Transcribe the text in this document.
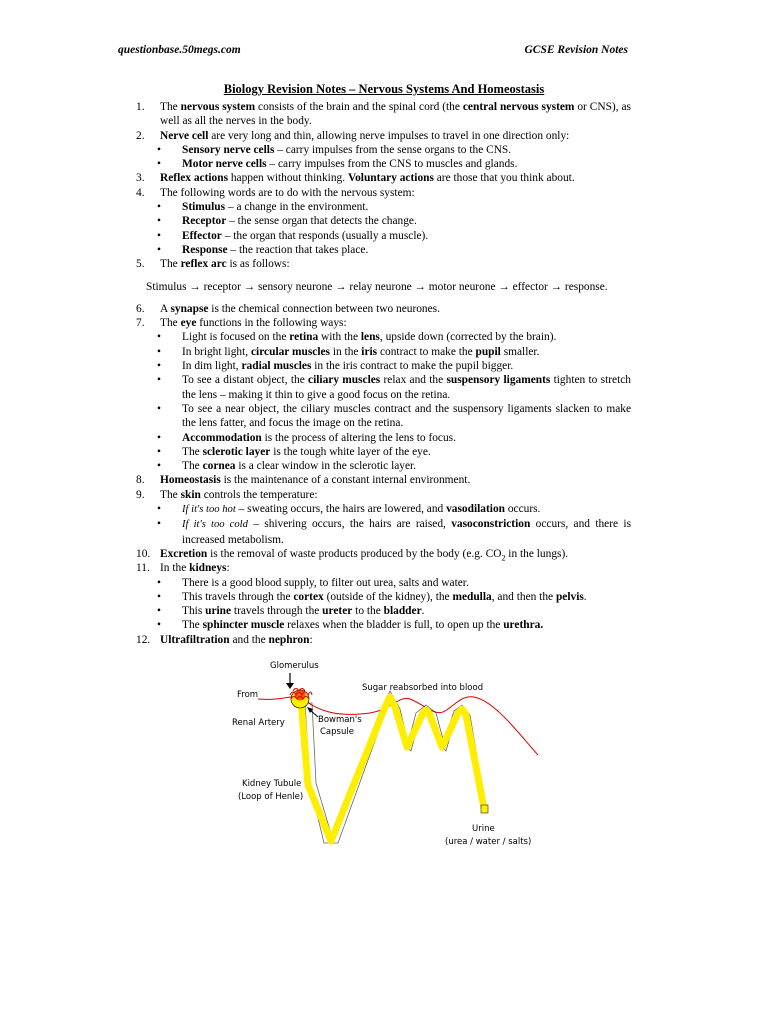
questionbase.50megs.com	GCSE Revision Notes
Biology Revision Notes – Nervous Systems And Homeostasis
1. The nervous system consists of the brain and the spinal cord (the central nervous system or CNS), as well as all the nerves in the body.
2. Nerve cell are very long and thin, allowing nerve impulses to travel in one direction only:
• Sensory nerve cells – carry impulses from the sense organs to the CNS.
• Motor nerve cells – carry impulses from the CNS to muscles and glands.
3. Reflex actions happen without thinking. Voluntary actions are those that you think about.
4. The following words are to do with the nervous system:
• Stimulus – a change in the environment.
• Receptor – the sense organ that detects the change.
• Effector – the organ that responds (usually a muscle).
• Response – the reaction that takes place.
5. The reflex arc is as follows:
Stimulus → receptor → sensory neurone → relay neurone → motor neurone → effector → response.
6. A synapse is the chemical connection between two neurones.
7. The eye functions in the following ways:
• Light is focused on the retina with the lens, upside down (corrected by the brain).
• In bright light, circular muscles in the iris contract to make the pupil smaller.
• In dim light, radial muscles in the iris contract to make the pupil bigger.
• To see a distant object, the ciliary muscles relax and the suspensory ligaments tighten to stretch the lens – making it thin to give a good focus on the retina.
• To see a near object, the ciliary muscles contract and the suspensory ligaments slacken to make the lens fatter, and focus the image on the retina.
• Accommodation is the process of altering the lens to focus.
• The sclerotic layer is the tough white layer of the eye.
• The cornea is a clear window in the sclerotic layer.
8. Homeostasis is the maintenance of a constant internal environment.
9. The skin controls the temperature:
• If it's too hot – sweating occurs, the hairs are lowered, and vasodilation occurs.
• If it's too cold – shivering occurs, the hairs are raised, vasoconstriction occurs, and there is increased metabolism.
10. Excretion is the removal of waste products produced by the body (e.g. $CO_2$ in the lungs).
11. In the kidneys:
• There is a good blood supply, to filter out urea, salts and water.
• This travels through the cortex (outside of the kidney), the medulla, and then the pelvis.
• This urine travels through the ureter to the bladder.
• The sphincter muscle relaxes when the bladder is full, to open up the urethra.
12. Ultrafiltration and the nephron:
Glomerulus
From
Renal Artery	Bowman's
Capsule
Sugar reabsorbed into blood
Kidney Tubule
(Loop of Henle)
Urine
(urea / water / salts)
